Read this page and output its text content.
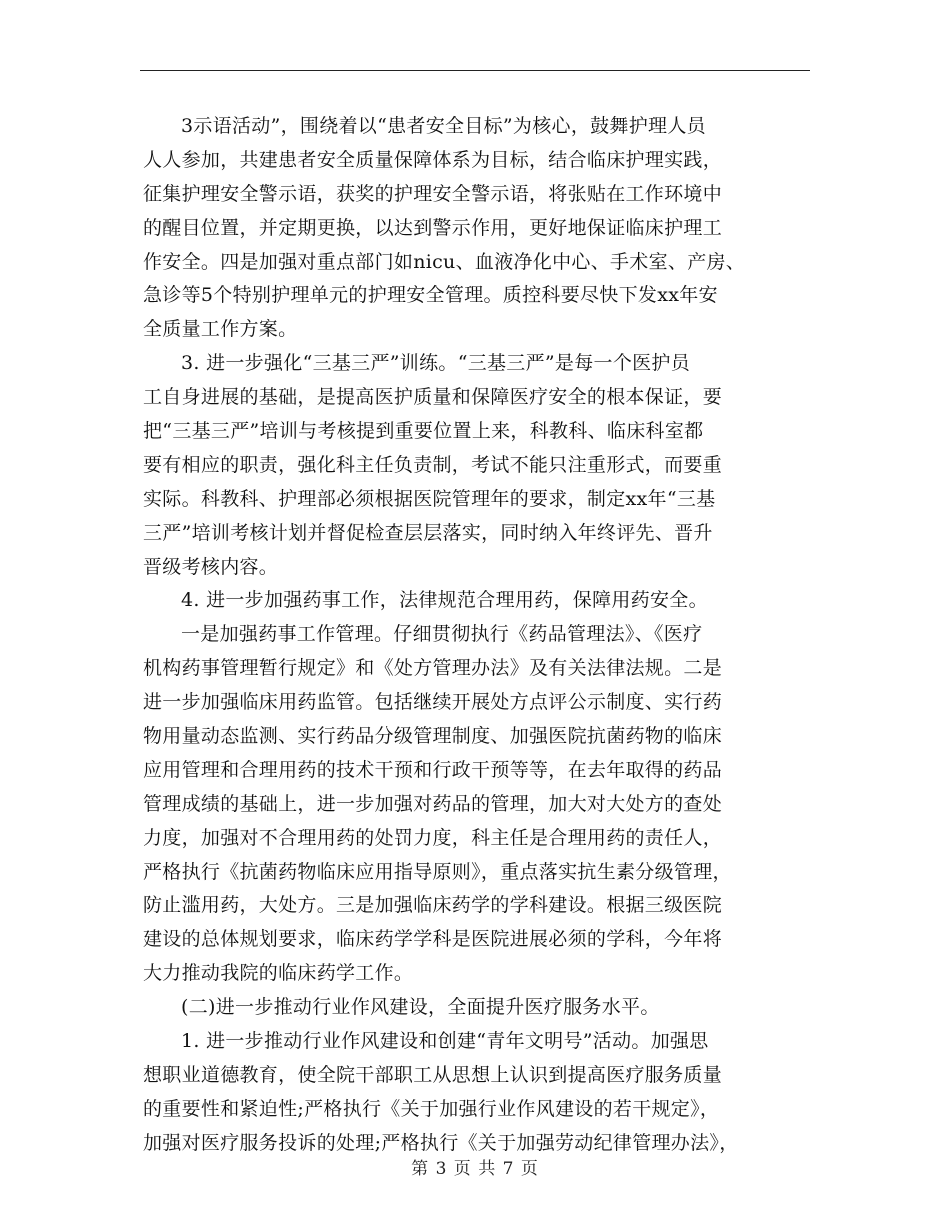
3示语活动”，围绕着以“患者安全目标”为核心，鼓舞护理人员
人人参加，共建患者安全质量保障体系为目标，结合临床护理实践，
征集护理安全警示语，获奖的护理安全警示语，将张贴在工作环境中
的醒目位置，并定期更换，以达到警示作用，更好地保证临床护理工
作安全。四是加强对重点部门如nicu、血液净化中心、手术室、产房、
急诊等5个特别护理单元的护理安全管理。质控科要尽快下发xx年安
全质量工作方案。
3. 进一步强化“三基三严”训练。“三基三严”是每一个医护员
工自身进展的基础，是提高医护质量和保障医疗安全的根本保证，要
把“三基三严”培训与考核提到重要位置上来，科教科、临床科室都
要有相应的职责，强化科主任负责制，考试不能只注重形式，而要重
实际。科教科、护理部必须根据医院管理年的要求，制定xx年“三基
三严”培训考核计划并督促检查层层落实，同时纳入年终评先、晋升
晋级考核内容。
4. 进一步加强药事工作，法律规范合理用药，保障用药安全。
一是加强药事工作管理。仔细贯彻执行《药品管理法》、《医疗
机构药事管理暂行规定》和《处方管理办法》及有关法律法规。二是
进一步加强临床用药监管。包括继续开展处方点评公示制度、实行药
物用量动态监测、实行药品分级管理制度、加强医院抗菌药物的临床
应用管理和合理用药的技术干预和行政干预等等，在去年取得的药品
管理成绩的基础上，进一步加强对药品的管理，加大对大处方的查处
力度，加强对不合理用药的处罚力度，科主任是合理用药的责任人，
严格执行《抗菌药物临床应用指导原则》，重点落实抗生素分级管理，
防止滥用药，大处方。三是加强临床药学的学科建设。根据三级医院
建设的总体规划要求，临床药学学科是医院进展必须的学科，今年将
大力推动我院的临床药学工作。
(二)进一步推动行业作风建设，全面提升医疗服务水平。
1. 进一步推动行业作风建设和创建“青年文明号”活动。加强思
想职业道德教育，使全院干部职工从思想上认识到提高医疗服务质量
的重要性和紧迫性;严格执行《关于加强行业作风建设的若干规定》，
加强对医疗服务投诉的处理;严格执行《关于加强劳动纪律管理办法》，
第 3 页 共 7 页
